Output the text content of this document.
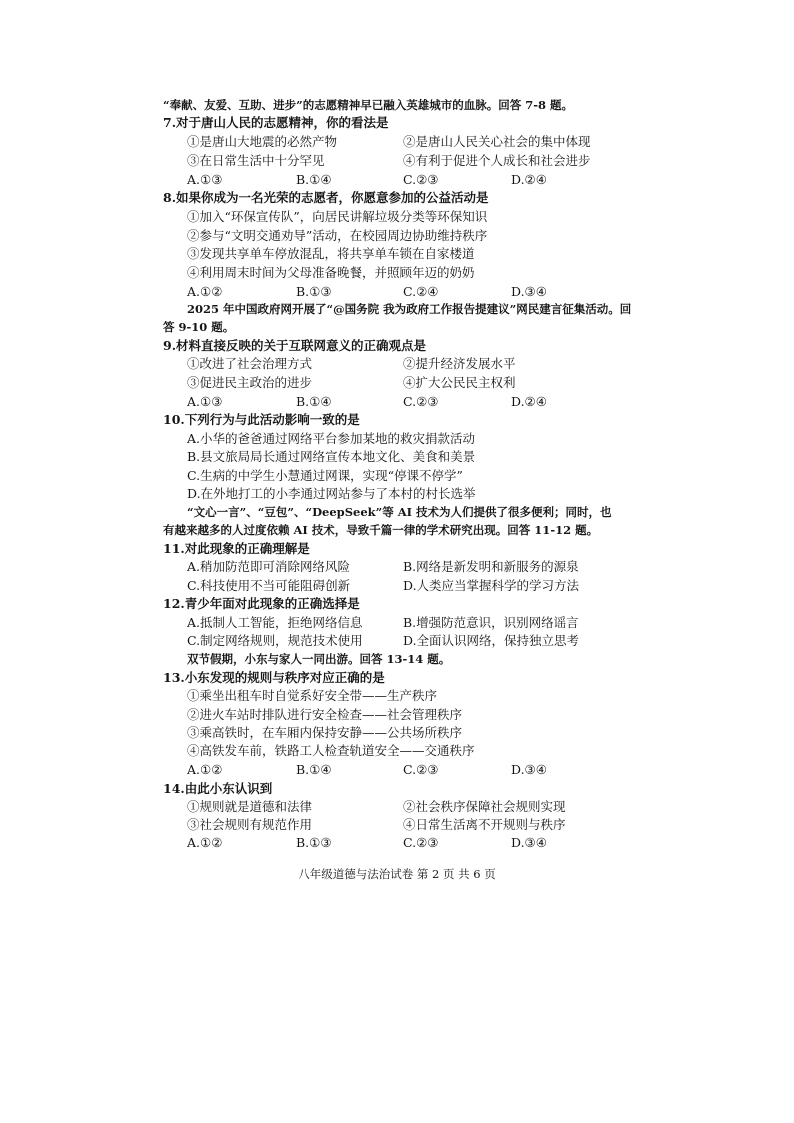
“奉献、友爱、互助、进步”的志愿精神早已融入英雄城市的血脉。回答 7-8 题。
7.对于唐山人民的志愿精神，你的看法是
①是唐山大地震的必然产物	②是唐山人民关心社会的集中体现
③在日常生活中十分罕见	④有利于促进个人成长和社会进步
A.①③	B.①④	C.②③	D.②④
8.如果你成为一名光荣的志愿者，你愿意参加的公益活动是
①加入“环保宣传队”，向居民讲解垃圾分类等环保知识
②参与“文明交通劝导”活动，在校园周边协助维持秩序
③发现共享单车停放混乱，将共享单车锁在自家楼道
④利用周末时间为父母准备晚餐，并照顾年迈的奶奶
A.①②	B.①③	C.②④	D.③④
2025 年中国政府网开展了“@国务院 我为政府工作报告提建议”网民建言征集活动。回
答 9-10 题。
9.材料直接反映的关于互联网意义的正确观点是
①改进了社会治理方式	②提升经济发展水平
③促进民主政治的进步	④扩大公民民主权利
A.①③	B.①④	C.②③	D.②④
10.下列行为与此活动影响一致的是
A.小华的爸爸通过网络平台参加某地的救灾捐款活动
B.县文旅局局长通过网络宣传本地文化、美食和美景
C.生病的中学生小慧通过网课，实现“停课不停学”
D.在外地打工的小李通过网站参与了本村的村长选举
“文心一言”、“豆包”、“DeepSeek”等 AI 技术为人们提供了很多便利；同时，也
有越来越多的人过度依赖 AI 技术，导致千篇一律的学术研究出现。回答 11-12 题。
11.对此现象的正确理解是
A.稍加防范即可消除网络风险	B.网络是新发明和新服务的源泉
C.科技使用不当可能阻碍创新	D.人类应当掌握科学的学习方法
12.青少年面对此现象的正确选择是
A.抵制人工智能，拒绝网络信息	B.增强防范意识，识别网络谣言
C.制定网络规则，规范技术使用	D.全面认识网络，保持独立思考
双节假期，小东与家人一同出游。回答 13-14 题。
13.小东发现的规则与秩序对应正确的是
①乘坐出租车时自觉系好安全带——生产秩序
②进火车站时排队进行安全检查——社会管理秩序
③乘高铁时，在车厢内保持安静——公共场所秩序
④高铁发车前，铁路工人检查轨道安全——交通秩序
A.①②	B.①④	C.②③	D.③④
14.由此小东认识到
①规则就是道德和法律	②社会秩序保障社会规则实现
③社会规则有规范作用	④日常生活离不开规则与秩序
A.①②	B.①③	C.②③	D.③④
八年级道德与法治试卷 第 2 页 共 6 页
